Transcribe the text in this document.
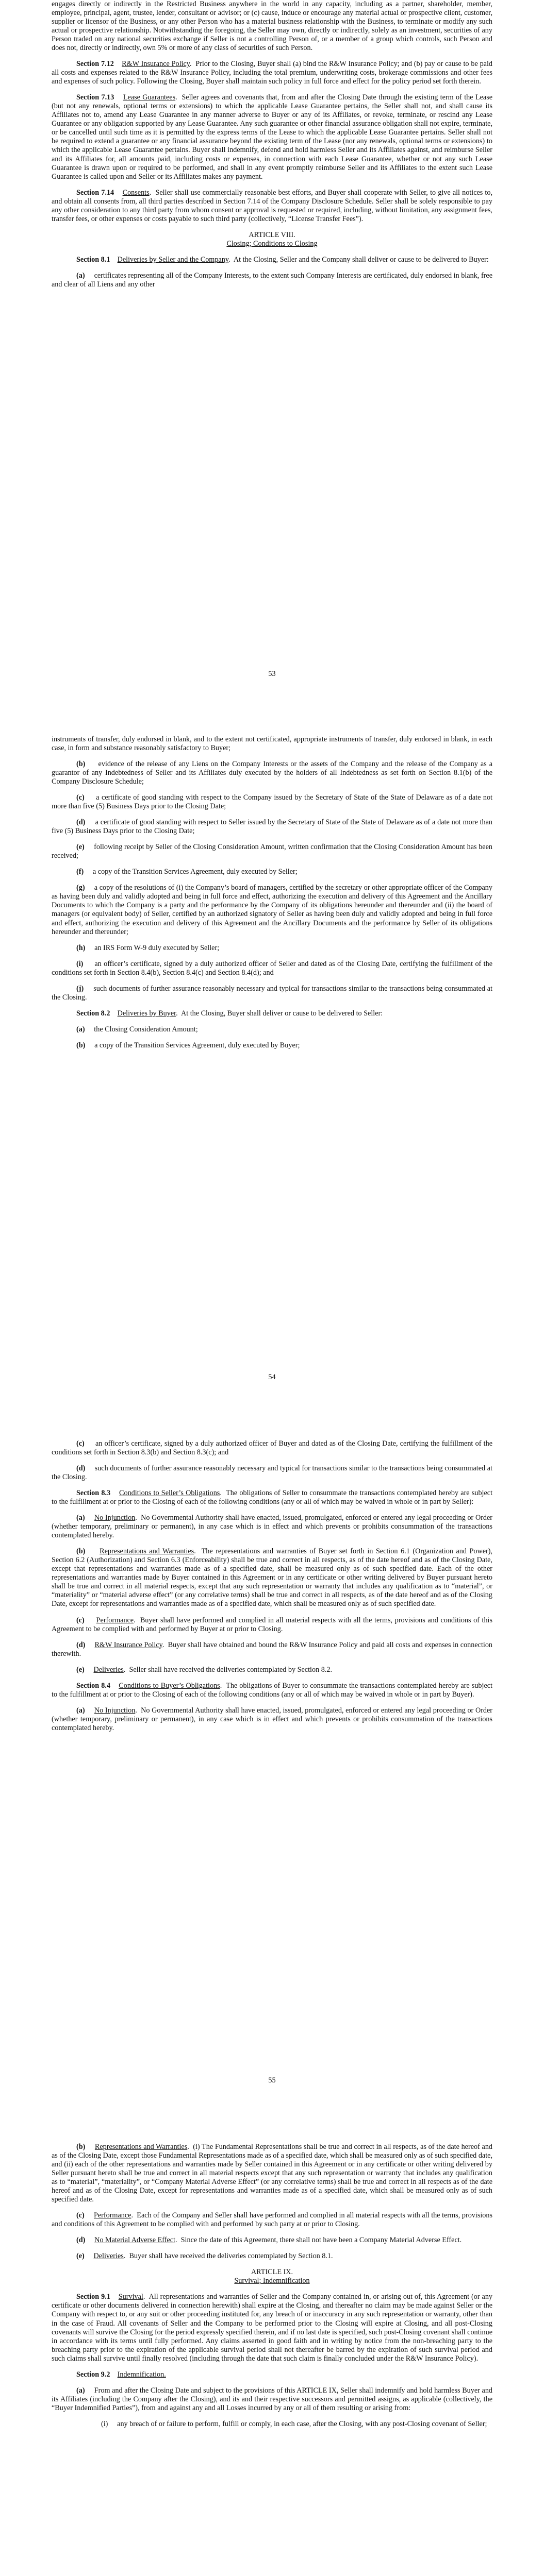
engages directly or indirectly in the Restricted Business anywhere in the world in any capacity, including as a partner, shareholder, member, employee, principal, agent, trustee, lender, consultant or advisor; or (c) cause, induce or encourage any material actual or prospective client, customer, supplier or licensor of the Business, or any other Person who has a material business relationship with the Business, to terminate or modify any such actual or prospective relationship. Notwithstanding the foregoing, the Seller may own, directly or indirectly, solely as an investment, securities of any Person traded on any national securities exchange if Seller is not a controlling Person of, or a member of a group which controls, such Person and does not, directly or indirectly, own 5% or more of any class of securities of such Person.

Section 7.12 R&W Insurance Policy.  Prior to the Closing, Buyer shall (a) bind the R&W Insurance Policy; and (b) pay or cause to be paid all costs and expenses related to the R&W Insurance Policy, including the total premium, underwriting costs, brokerage commissions and other fees and expenses of such policy. Following the Closing, Buyer shall maintain such policy in full force and effect for the policy period set forth therein.

Section 7.13 Lease Guarantees.  Seller agrees and covenants that, from and after the Closing Date through the existing term of the Lease (but not any renewals, optional terms or extensions) to which the applicable Lease Guarantee pertains, the Seller shall not, and shall cause its Affiliates not to, amend any Lease Guarantee in any manner adverse to Buyer or any of its Affiliates, or revoke, terminate, or rescind any Lease Guarantee or any obligation supported by any Lease Guarantee. Any such guarantee or other financial assurance obligation shall not expire, terminate, or be cancelled until such time as it is permitted by the express terms of the Lease to which the applicable Lease Guarantee pertains. Seller shall not be required to extend a guarantee or any financial assurance beyond the existing term of the Lease (nor any renewals, optional terms or extensions) to which the applicable Lease Guarantee pertains. Buyer shall indemnify, defend and hold harmless Seller and its Affiliates against, and reimburse Seller and its Affiliates for, all amounts paid, including costs or expenses, in connection with each Lease Guarantee, whether or not any such Lease Guarantee is drawn upon or required to be performed, and shall in any event promptly reimburse Seller and its Affiliates to the extent such Lease Guarantee is called upon and Seller or its Affiliates makes any payment.

Section 7.14 Consents.  Seller shall use commercially reasonable best efforts, and Buyer shall cooperate with Seller, to give all notices to, and obtain all consents from, all third parties described in Section 7.14 of the Company Disclosure Schedule. Seller shall be solely responsible to pay any other consideration to any third party from whom consent or approval is requested or required, including, without limitation, any assignment fees, transfer fees, or other expenses or costs payable to such third party (collectively, “License Transfer Fees”).

ARTICLE VIII.
Closing; Conditions to Closing

Section 8.1 Deliveries by Seller and the Company.  At the Closing, Seller and the Company shall deliver or cause to be delivered to Buyer:

(a) certificates representing all of the Company Interests, to the extent such Company Interests are certificated, duly endorsed in blank, free and clear of all Liens and any other

53

instruments of transfer, duly endorsed in blank, and to the extent not certificated, appropriate instruments of transfer, duly endorsed in blank, in each case, in form and substance reasonably satisfactory to Buyer;

(b) evidence of the release of any Liens on the Company Interests or the assets of the Company and the release of the Company as a guarantor of any Indebtedness of Seller and its Affiliates duly executed by the holders of all Indebtedness as set forth on Section 8.1(b) of the Company Disclosure Schedule;

(c) a certificate of good standing with respect to the Company issued by the Secretary of State of the State of Delaware as of a date not more than five (5) Business Days prior to the Closing Date;

(d) a certificate of good standing with respect to Seller issued by the Secretary of State of the State of Delaware as of a date not more than five (5) Business Days prior to the Closing Date;

(e) following receipt by Seller of the Closing Consideration Amount, written confirmation that the Closing Consideration Amount has been received;

(f) a copy of the Transition Services Agreement, duly executed by Seller;

(g) a copy of the resolutions of (i) the Company’s board of managers, certified by the secretary or other appropriate officer of the Company as having been duly and validly adopted and being in full force and effect, authorizing the execution and delivery of this Agreement and the Ancillary Documents to which the Company is a party and the performance by the Company of its obligations hereunder and thereunder and (ii) the board of managers (or equivalent body) of Seller, certified by an authorized signatory of Seller as having been duly and validly adopted and being in full force and effect, authorizing the execution and delivery of this Agreement and the Ancillary Documents and the performance by Seller of its obligations hereunder and thereunder;

(h) an IRS Form W-9 duly executed by Seller;

(i) an officer’s certificate, signed by a duly authorized officer of Seller and dated as of the Closing Date, certifying the fulfillment of the conditions set forth in Section 8.4(b), Section 8.4(c) and Section 8.4(d); and

(j) such documents of further assurance reasonably necessary and typical for transactions similar to the transactions being consummated at the Closing.

Section 8.2 Deliveries by Buyer.  At the Closing, Buyer shall deliver or cause to be delivered to Seller:

(a) the Closing Consideration Amount;

(b) a copy of the Transition Services Agreement, duly executed by Buyer;

54

(c) an officer’s certificate, signed by a duly authorized officer of Buyer and dated as of the Closing Date, certifying the fulfillment of the conditions set forth in Section 8.3(b) and Section 8.3(c); and

(d) such documents of further assurance reasonably necessary and typical for transactions similar to the transactions being consummated at the Closing.

Section 8.3 Conditions to Seller’s Obligations.  The obligations of Seller to consummate the transactions contemplated hereby are subject to the fulfillment at or prior to the Closing of each of the following conditions (any or all of which may be waived in whole or in part by Seller):

(a) No Injunction.  No Governmental Authority shall have enacted, issued, promulgated, enforced or entered any legal proceeding or Order (whether temporary, preliminary or permanent), in any case which is in effect and which prevents or prohibits consummation of the transactions contemplated hereby.

(b) Representations and Warranties.  The representations and warranties of Buyer set forth in Section 6.1 (Organization and Power), Section 6.2 (Authorization) and Section 6.3 (Enforceability) shall be true and correct in all respects, as of the date hereof and as of the Closing Date, except that representations and warranties made as of a specified date, shall be measured only as of such specified date. Each of the other representations and warranties made by Buyer contained in this Agreement or in any certificate or other writing delivered by Buyer pursuant hereto shall be true and correct in all material respects, except that any such representation or warranty that includes any qualification as to “material”, or “materiality” or “material adverse effect” (or any correlative terms) shall be true and correct in all respects, as of the date hereof and as of the Closing Date, except for representations and warranties made as of a specified date, which shall be measured only as of such specified date.

(c) Performance.  Buyer shall have performed and complied in all material respects with all the terms, provisions and conditions of this Agreement to be complied with and performed by Buyer at or prior to Closing.

(d) R&W Insurance Policy.  Buyer shall have obtained and bound the R&W Insurance Policy and paid all costs and expenses in connection therewith.

(e) Deliveries.  Seller shall have received the deliveries contemplated by Section 8.2.

Section 8.4 Conditions to Buyer’s Obligations.  The obligations of Buyer to consummate the transactions contemplated hereby are subject to the fulfillment at or prior to the Closing of each of the following conditions (any or all of which may be waived in whole or in part by Buyer).

(a) No Injunction.  No Governmental Authority shall have enacted, issued, promulgated, enforced or entered any legal proceeding or Order (whether temporary, preliminary or permanent), in any case which is in effect and which prevents or prohibits consummation of the transactions contemplated hereby.

55

(b) Representations and Warranties.  (i) The Fundamental Representations shall be true and correct in all respects, as of the date hereof and as of the Closing Date, except those Fundamental Representations made as of a specified date, which shall be measured only as of such specified date, and (ii) each of the other representations and warranties made by Seller contained in this Agreement or in any certificate or other writing delivered by Seller pursuant hereto shall be true and correct in all material respects except that any such representation or warranty that includes any qualification as to “material”, “materiality”, or “Company Material Adverse Effect” (or any correlative terms) shall be true and correct in all respects as of the date hereof and as of the Closing Date, except for representations and warranties made as of a specified date, which shall be measured only as of such specified date.

(c) Performance.  Each of the Company and Seller shall have performed and complied in all material respects with all the terms, provisions and conditions of this Agreement to be complied with and performed by such party at or prior to Closing.

(d) No Material Adverse Effect.  Since the date of this Agreement, there shall not have been a Company Material Adverse Effect.

(e) Deliveries.  Buyer shall have received the deliveries contemplated by Section 8.1.

ARTICLE IX.
Survival; Indemnification

Section 9.1 Survival.  All representations and warranties of Seller and the Company contained in, or arising out of, this Agreement (or any certificate or other documents delivered in connection herewith) shall expire at the Closing, and thereafter no claim may be made against Seller or the Company with respect to, or any suit or other proceeding instituted for, any breach of or inaccuracy in any such representation or warranty, other than in the case of Fraud. All covenants of Seller and the Company to be performed prior to the Closing will expire at Closing, and all post-Closing covenants will survive the Closing for the period expressly specified therein, and if no last date is specified, such post-Closing covenant shall continue in accordance with its terms until fully performed. Any claims asserted in good faith and in writing by notice from the non-breaching party to the breaching party prior to the expiration of the applicable survival period shall not thereafter be barred by the expiration of such survival period and such claims shall survive until finally resolved (including through the date that such claim is finally concluded under the R&W Insurance Policy).

Section 9.2 Indemnification.

(a) From and after the Closing Date and subject to the provisions of this ARTICLE IX, Seller shall indemnify and hold harmless Buyer and its Affiliates (including the Company after the Closing), and its and their respective successors and permitted assigns, as applicable (collectively, the “Buyer Indemnified Parties”), from and against any and all Losses incurred by any or all of them resulting or arising from:

(i) any breach of or failure to perform, fulfill or comply, in each case, after the Closing, with any post-Closing covenant of Seller;
